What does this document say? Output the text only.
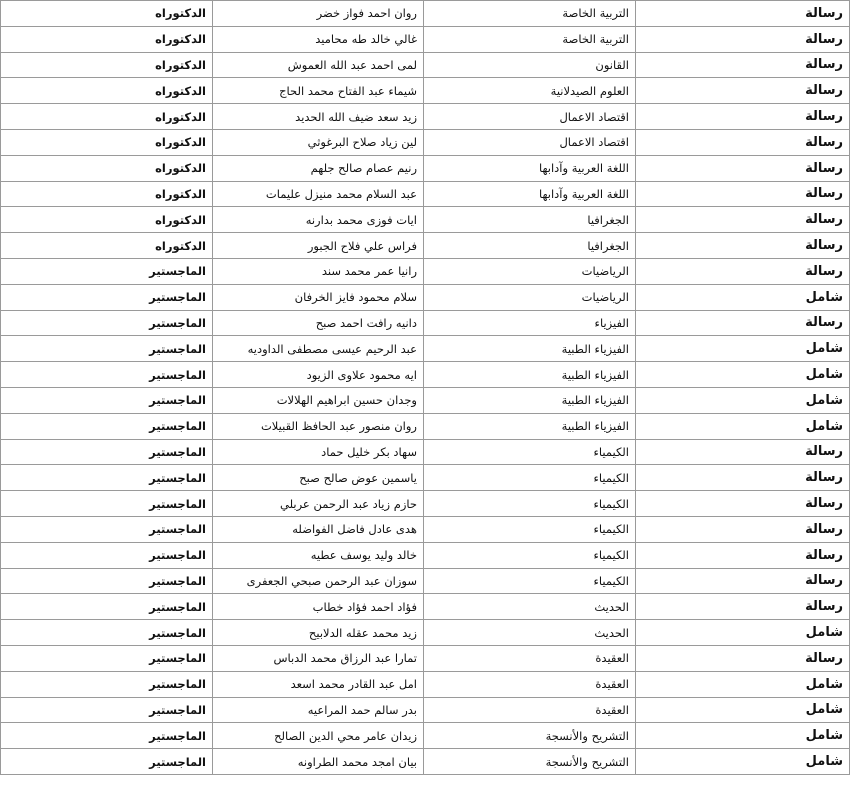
رسالة	التربية الخاصة	روان احمد فواز خضر	الدكتوراه
رسالة	التربية الخاصة	غالي خالد طه محاميد	الدكتوراه
رسالة	القانون	لمى احمد عبد الله العموش	الدكتوراه
رسالة	العلوم الصيدلانية	شيماء عبد الفتاح محمد الحاج	الدكتوراه
رسالة	اقتصاد الاعمال	زيد سعد ضيف الله الحديد	الدكتوراه
رسالة	اقتصاد الاعمال	لين زياد صلاح البرغوثي	الدكتوراه
رسالة	اللغة العربية وآدابها	رنيم عصام صالح جلهم	الدكتوراه
رسالة	اللغة العربية وآدابها	عبد السلام محمد منيزل عليمات	الدكتوراه
رسالة	الجغرافيا	ايات فوزى محمد بدارنه	الدكتوراه
رسالة	الجغرافيا	فراس علي فلاح الجبور	الدكتوراه
رسالة	الرياضيات	رانيا عمر محمد سند	الماجستير
شامل	الرياضيات	سلام محمود فايز الخرفان	الماجستير
رسالة	الفيزياء	دانيه رافت احمد صبح	الماجستير
شامل	الفيزياء الطبية	عبد الرحيم عيسى مصطفى الداوديه	الماجستير
شامل	الفيزياء الطبية	ايه محمود علاوى الزيود	الماجستير
شامل	الفيزياء الطبية	وجدان حسين ابراهيم الهلالات	الماجستير
شامل	الفيزياء الطبية	روان منصور عبد الحافظ القبيلات	الماجستير
رسالة	الكيمياء	سهاد بكر خليل حماد	الماجستير
رسالة	الكيمياء	ياسمين عوض صالح صبح	الماجستير
رسالة	الكيمياء	حازم زياد عبد الرحمن عربلي	الماجستير
رسالة	الكيمياء	هدى عادل فاضل الفواضله	الماجستير
رسالة	الكيمياء	خالد وليد يوسف عطيه	الماجستير
رسالة	الكيمياء	سوزان عبد الرحمن صبحي الجعفرى	الماجستير
رسالة	الحديث	فؤاد احمد فؤاد خطاب	الماجستير
شامل	الحديث	زيد محمد عقله الدلابيح	الماجستير
رسالة	العقيدة	تمارا عبد الرزاق محمد الدباس	الماجستير
شامل	العقيدة	امل عبد القادر محمد اسعد	الماجستير
شامل	العقيدة	بدر سالم حمد المراعيه	الماجستير
شامل	التشريح والأنسجة	زيدان عامر محي الدين الصالح	الماجستير
شامل	التشريح والأنسجة	بيان امجد محمد الطراونه	الماجستير
